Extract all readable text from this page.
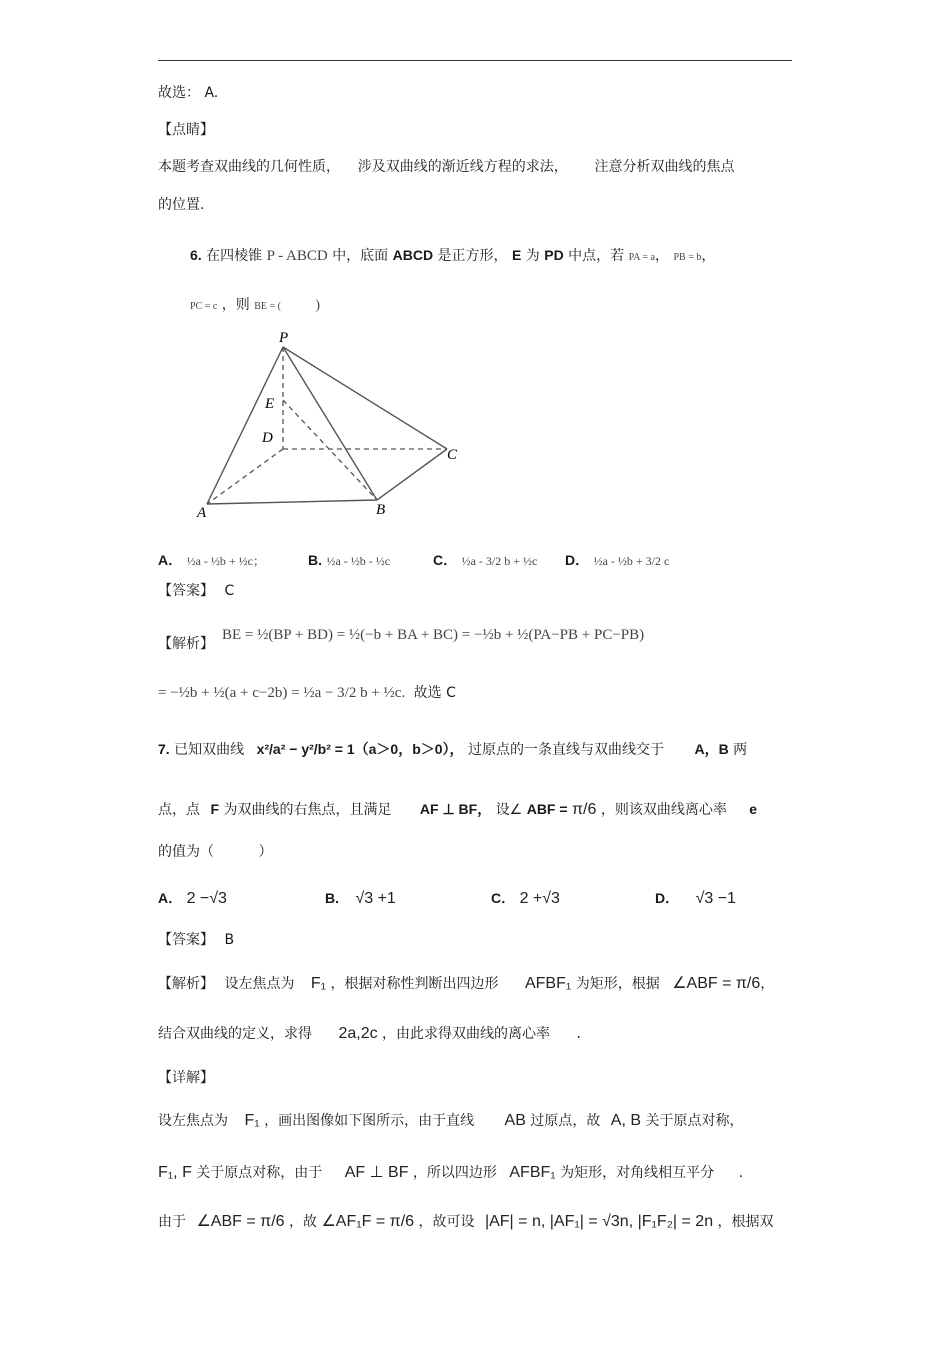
故选： A.
【点睛】
本题考查双曲线的几何性质，    涉及双曲线的渐近线方程的求法，      注意分析双曲线的焦点
的位置.
6. 在四棱锥 P - ABCD 中，底面 ABCD 是正方形， E 为 PD 中点，若 PA = a， PB = b，
PC = c ，则 BE = ( )
P
E
D
C
A	B
A． ½a - ½b + ½c；	B. ½a - ½b - ½c	C． ½a - 3/2 b + ½c D． ½a - ½b + 3/2 c
【答案】 C
【解析】
BE = ½(BP + BD) = ½(−b + BA + BC) = −½b + ½(PA−PB + PC−PB)
= −½b + ½(a + c−2b) = ½a − 3/2 b + ½c. 故选 C
7. 已知双曲线 x²/a² − y²/b² = 1（a＞0，b＞0）， 过原点的一条直线与双曲线交于 A，B 两
点，点 F 为双曲线的右焦点，且满足 AF ⊥ BF， 设∠ ABF = π/6 ，则该双曲线离心率 e
的值为（          ）
A． 2 −√3	B. √3 +1	C． 2 +√3	D． √3 −1
【答案】 B
【解析】 设左焦点为 F₁ ，根据对称性判断出四边形 AFBF₁ 为矩形，根据 ∠ABF = π/6，
结合双曲线的定义，求得 2a,2c ，由此求得双曲线的离心率 .
【详解】
设左焦点为 F₁ ，画出图像如下图所示，由于直线 AB 过原点，故 A, B 关于原点对称，
F₁, F 关于原点对称，由于 AF ⊥ BF ，所以四边形 AFBF₁ 为矩形，对角线相互平分 .
由于 ∠ABF = π/6 ，故 ∠AF₁F = π/6 ，故可设 |AF| = n, |AF₁| = √3n, |F₁F₂| = 2n ，根据双
